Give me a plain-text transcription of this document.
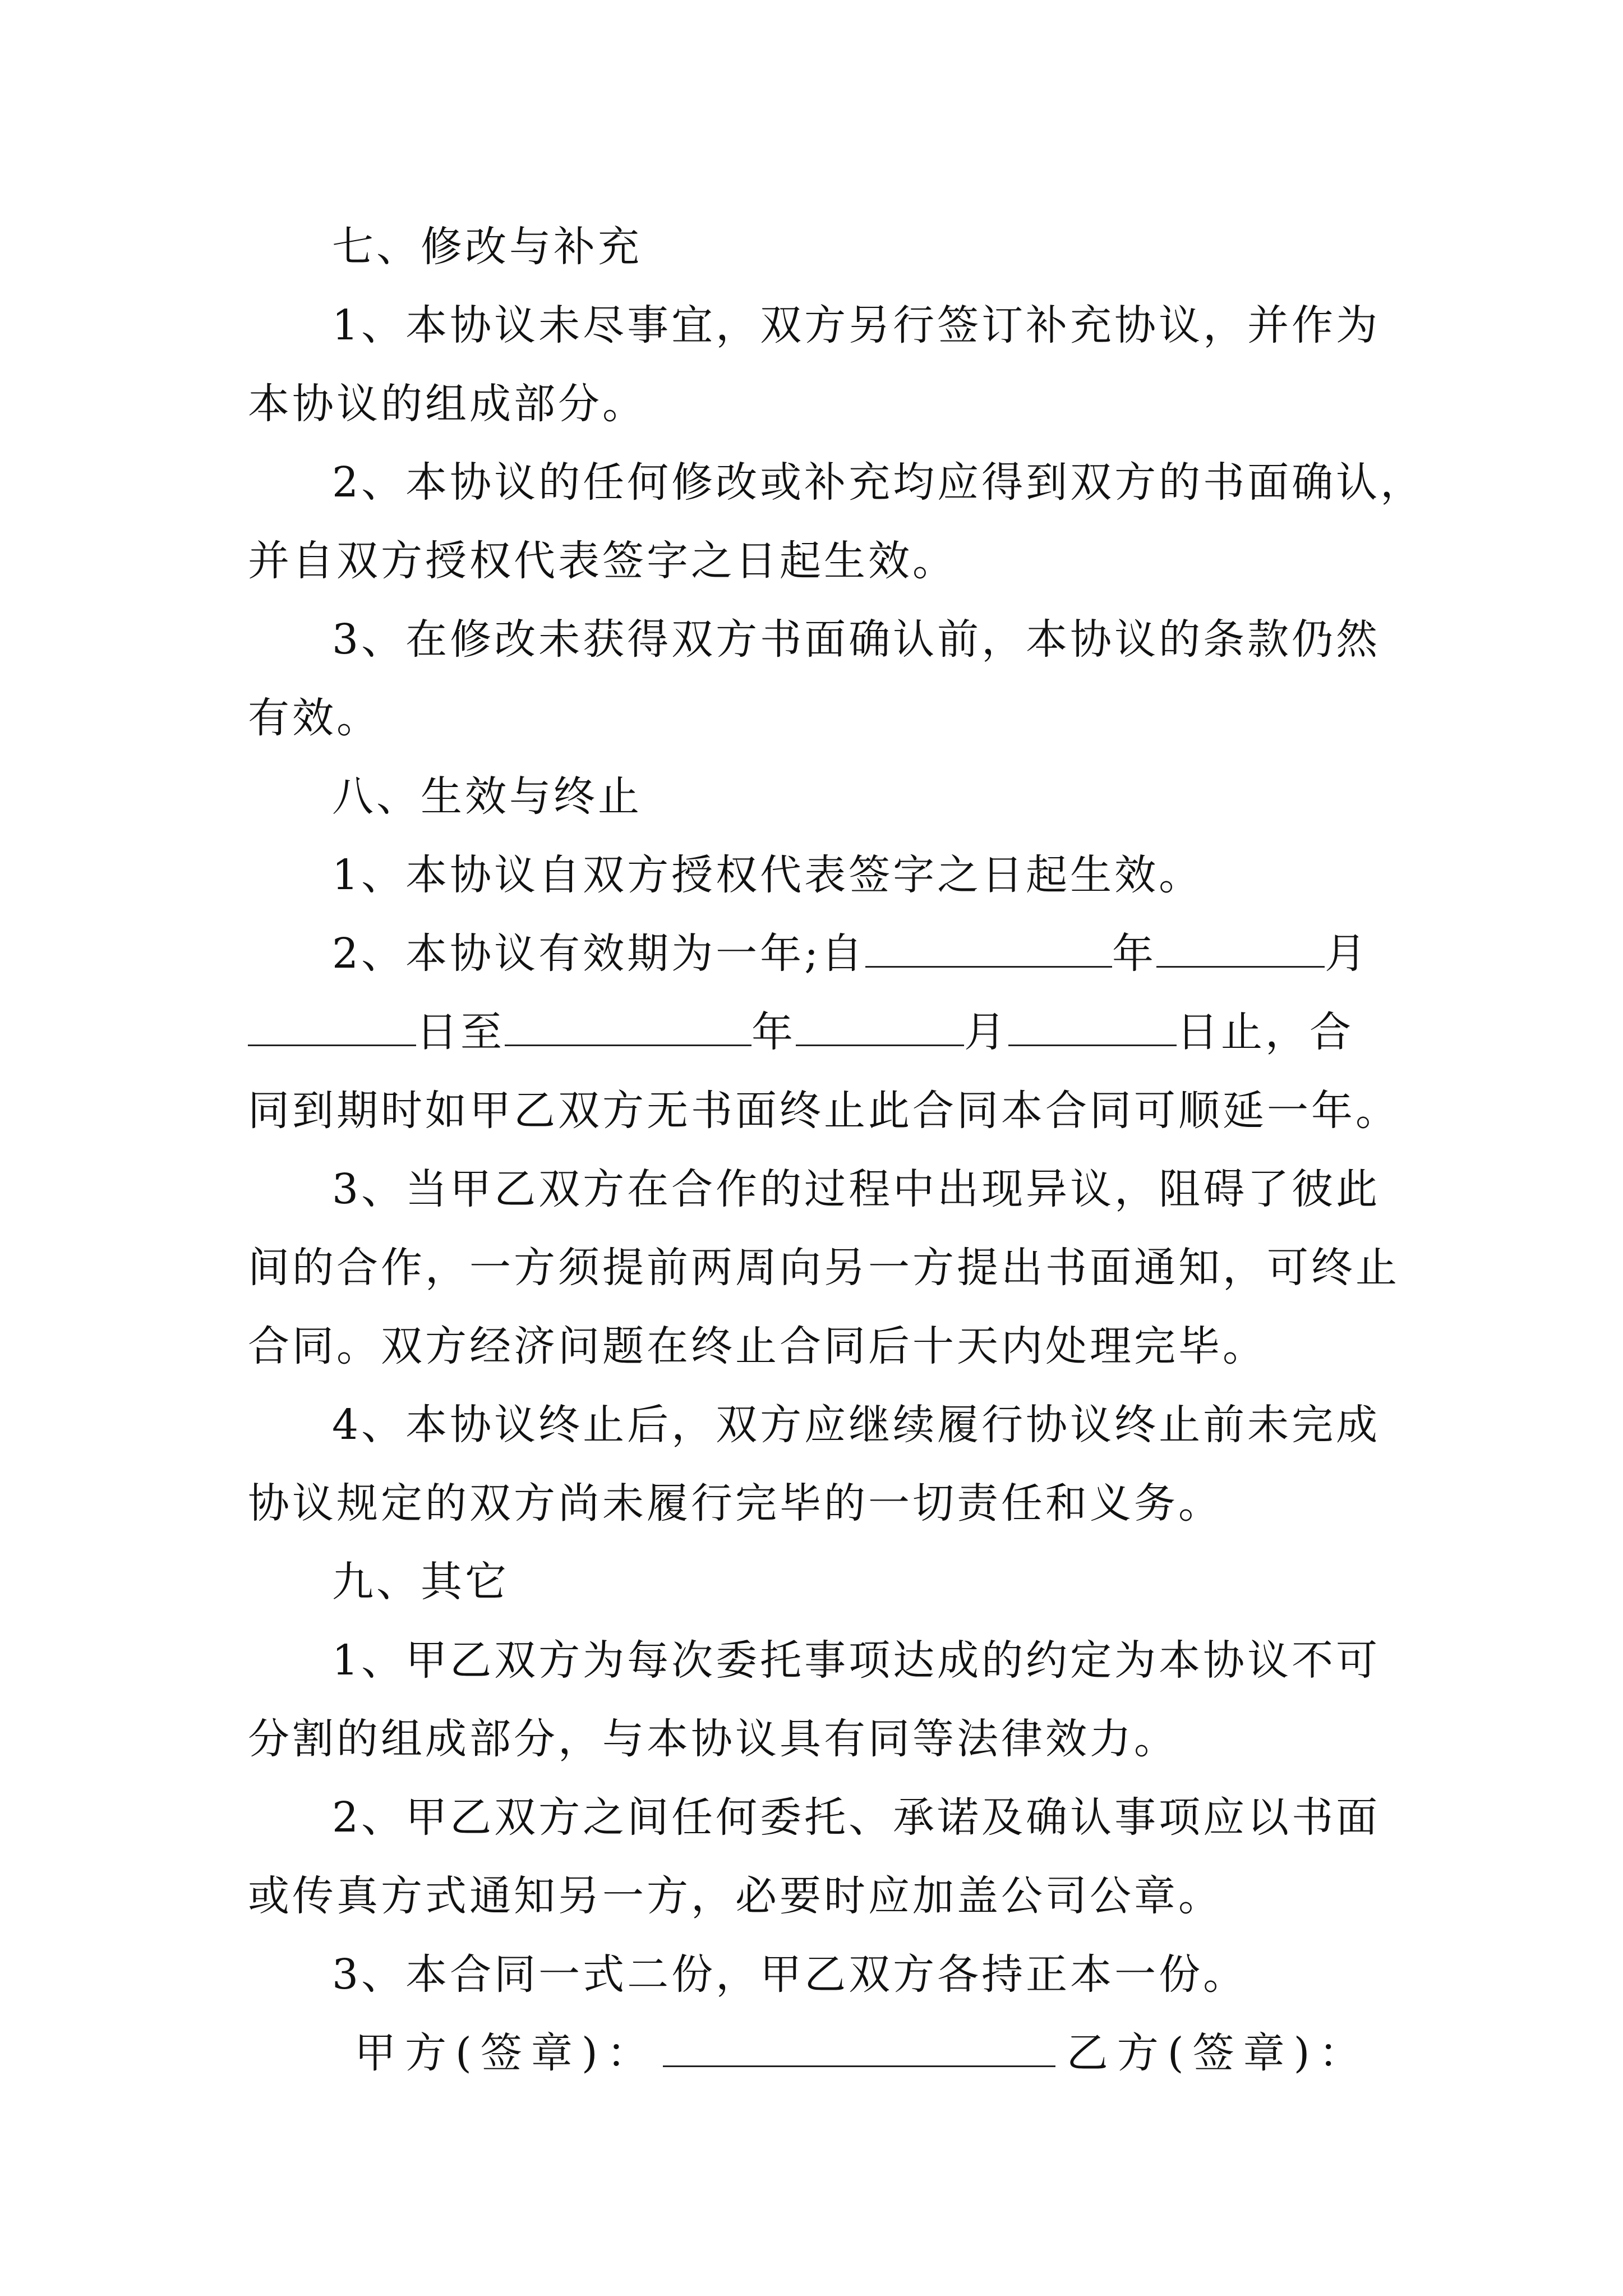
七、修改与补充
1、本协议未尽事宜，双方另行签订补充协议，并作为
本协议的组成部分。
2、本协议的任何修改或补充均应得到双方的书面确认，
并自双方授权代表签字之日起生效。
3、在修改未获得双方书面确认前，本协议的条款仍然
有效。
八、生效与终止
1、本协议自双方授权代表签字之日起生效。
2、本协议有效期为一年;自	年	月
日至	年	月	日止，合
同到期时如甲乙双方无书面终止此合同本合同可顺延一年。
3、当甲乙双方在合作的过程中出现异议，阻碍了彼此
间的合作，一方须提前两周向另一方提出书面通知，可终止
合同。双方经济问题在终止合同后十天内处理完毕。
4、本协议终止后，双方应继续履行协议终止前未完成
协议规定的双方尚未履行完毕的一切责任和义务。
九、其它
1、甲乙双方为每次委托事项达成的约定为本协议不可
分割的组成部分，与本协议具有同等法律效力。
2、甲乙双方之间任何委托、承诺及确认事项应以书面
或传真方式通知另一方，必要时应加盖公司公章。
3、本合同一式二份，甲乙双方各持正本一份。
甲方(签章)：	乙方(签章)：
